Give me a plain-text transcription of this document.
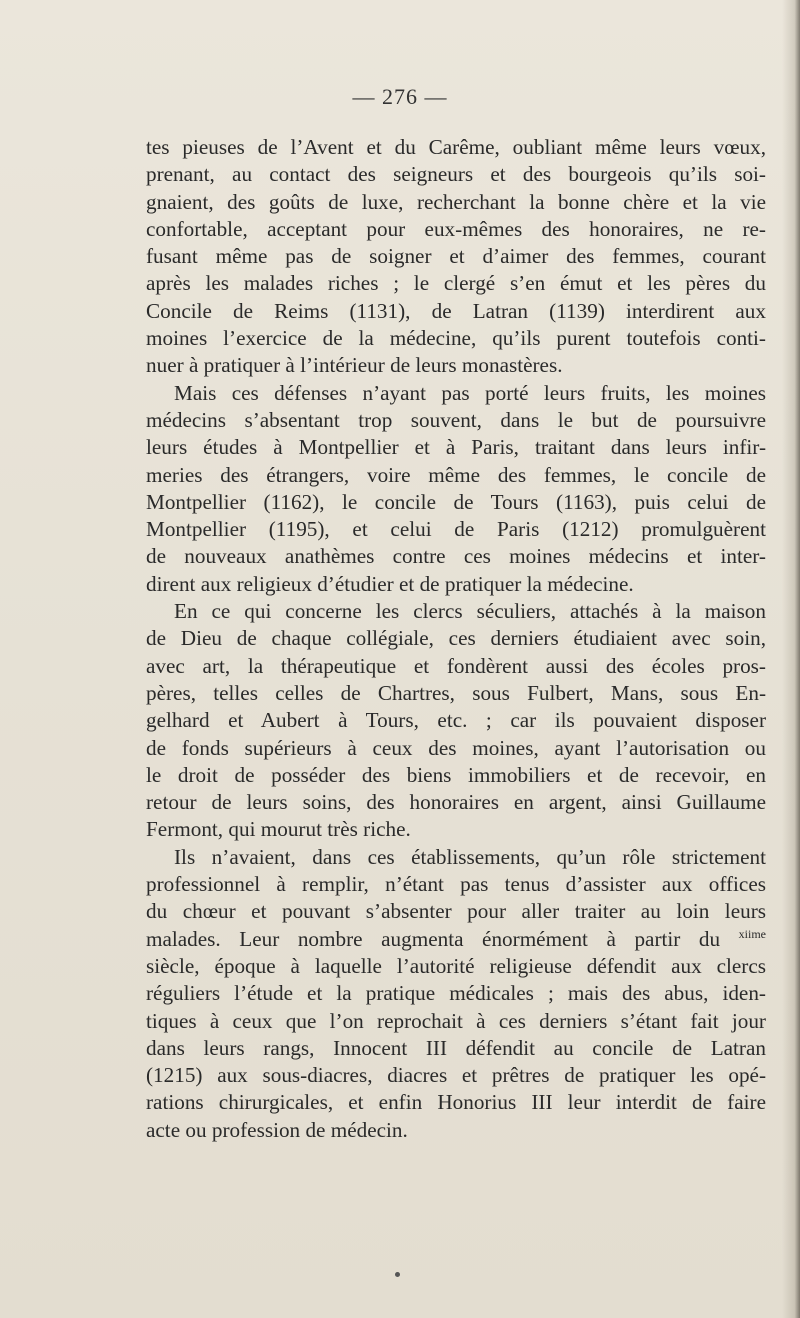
— 276 —
tes pieuses de l’Avent et du Carême, oubliant même leurs vœux,
prenant, au contact des seigneurs et des bourgeois qu’ils soi-
gnaient, des goûts de luxe, recherchant la bonne chère et la vie
confortable, acceptant pour eux-mêmes des honoraires, ne re-
fusant même pas de soigner et d’aimer des femmes, courant
après les malades riches ; le clergé s’en émut et les pères du
Concile de Reims (1131), de Latran (1139) interdirent aux
moines l’exercice de la médecine, qu’ils purent toutefois conti-
nuer à pratiquer à l’intérieur de leurs monastères.
Mais ces défenses n’ayant pas porté leurs fruits, les moines
médecins s’absentant trop souvent, dans le but de poursuivre
leurs études à Montpellier et à Paris, traitant dans leurs infir-
meries des étrangers, voire même des femmes, le concile de
Montpellier (1162), le concile de Tours (1163), puis celui de
Montpellier (1195), et celui de Paris (1212) promulguèrent
de nouveaux anathèmes contre ces moines médecins et inter-
dirent aux religieux d’étudier et de pratiquer la médecine.
En ce qui concerne les clercs séculiers, attachés à la maison
de Dieu de chaque collégiale, ces derniers étudiaient avec soin,
avec art, la thérapeutique et fondèrent aussi des écoles pros-
pères, telles celles de Chartres, sous Fulbert, Mans, sous En-
gelhard et Aubert à Tours, etc. ; car ils pouvaient disposer
de fonds supérieurs à ceux des moines, ayant l’autorisation ou
le droit de posséder des biens immobiliers et de recevoir, en
retour de leurs soins, des honoraires en argent, ainsi Guillaume
Fermont, qui mourut très riche.
Ils n’avaient, dans ces établissements, qu’un rôle strictement
professionnel à remplir, n’étant pas tenus d’assister aux offices
du chœur et pouvant s’absenter pour aller traiter au loin leurs
malades. Leur nombre augmenta énormément à partir du $^{xiime}$
siècle, époque à laquelle l’autorité religieuse défendit aux clercs
réguliers l’étude et la pratique médicales ; mais des abus, iden-
tiques à ceux que l’on reprochait à ces derniers s’étant fait jour
dans leurs rangs, Innocent III défendit au concile de Latran
(1215) aux sous-diacres, diacres et prêtres de pratiquer les opé-
rations chirurgicales, et enfin Honorius III leur interdit de faire
acte ou profession de médecin.
